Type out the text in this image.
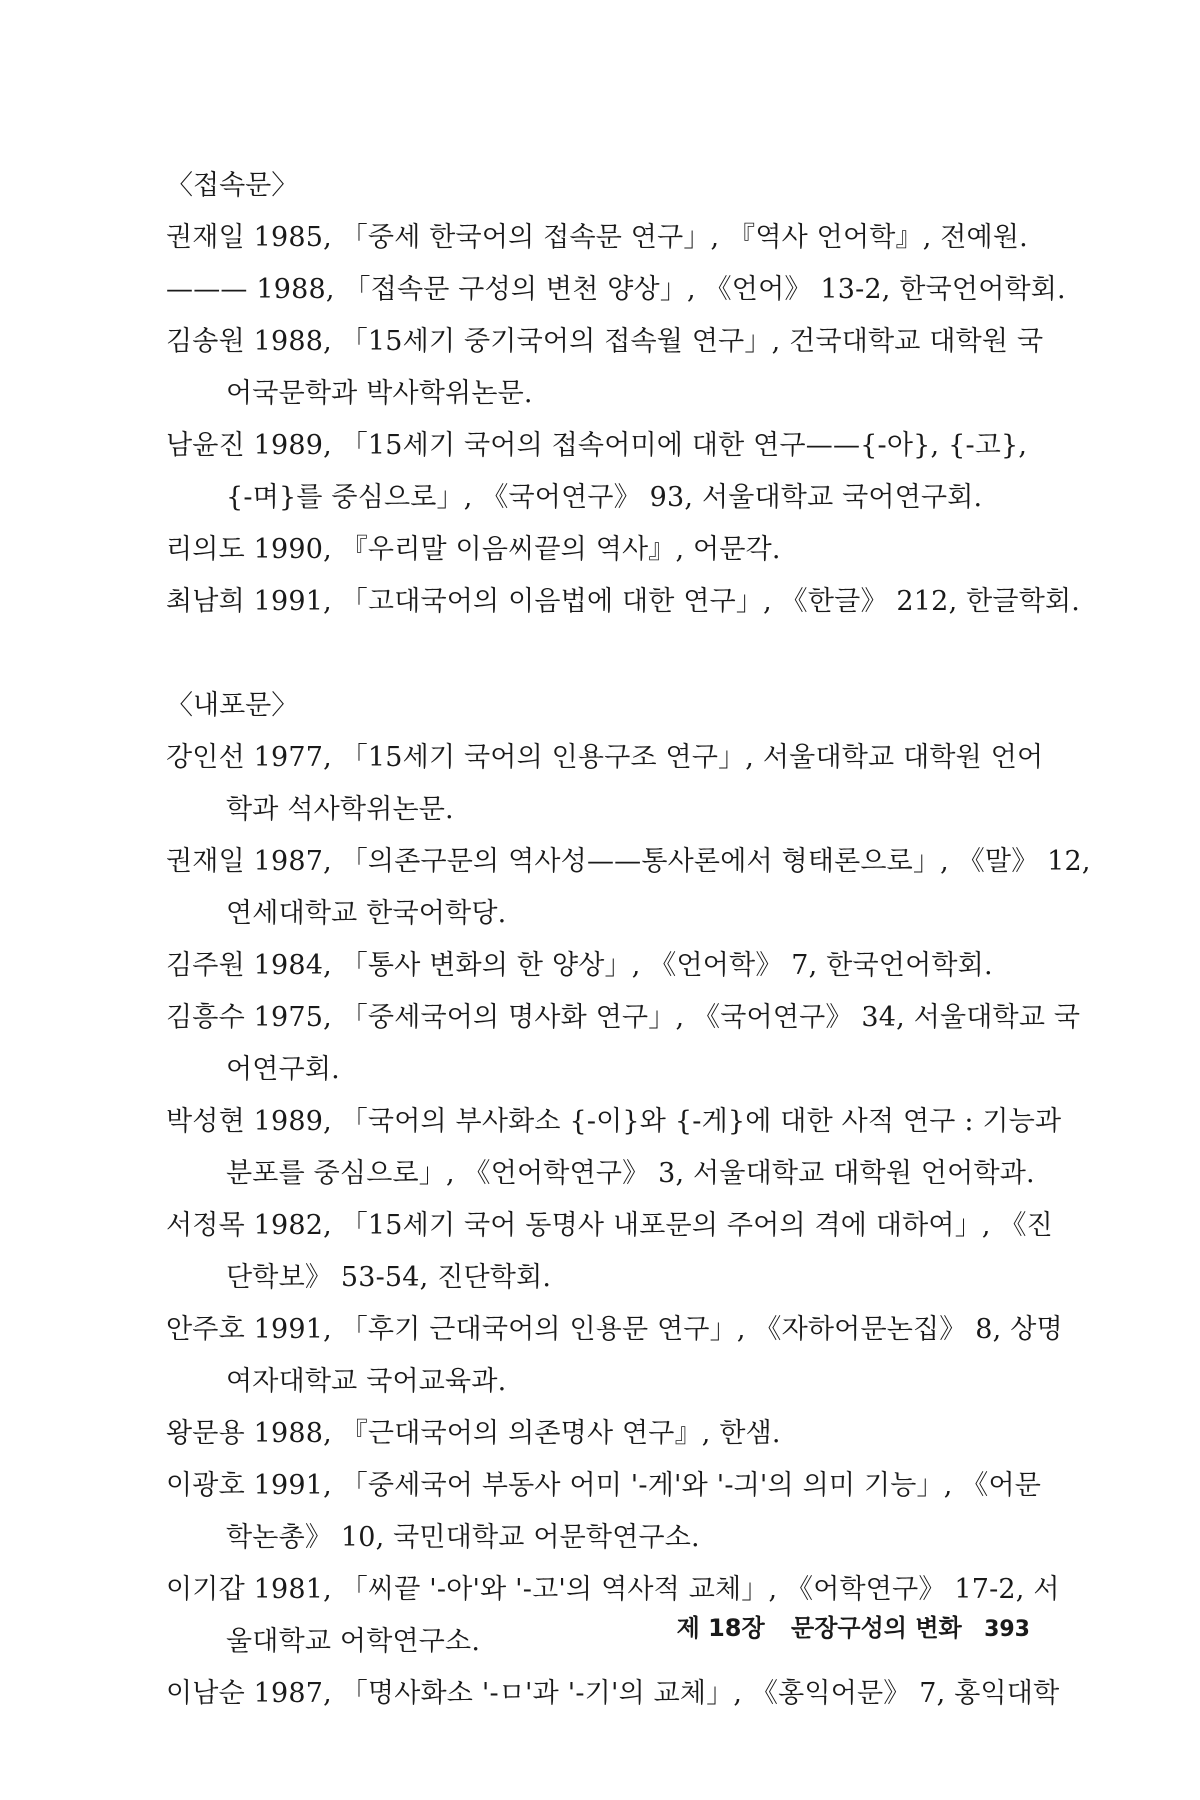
〈접속문〉
권재일 1985, 「중세 한국어의 접속문 연구」, 『역사 언어학』, 전예원.
——— 1988, 「접속문 구성의 변천 양상」, 《언어》 13-2, 한국언어학회.
김송원 1988, 「15세기 중기국어의 접속월 연구」, 건국대학교 대학원 국
어국문학과 박사학위논문.
남윤진 1989, 「15세기 국어의 접속어미에 대한 연구——{-아}, {-고},
{-며}를 중심으로」, 《국어연구》 93, 서울대학교 국어연구회.
리의도 1990, 『우리말 이음씨끝의 역사』, 어문각.
최남희 1991, 「고대국어의 이음법에 대한 연구」, 《한글》 212, 한글학회.
〈내포문〉
강인선 1977, 「15세기 국어의 인용구조 연구」, 서울대학교 대학원 언어
학과 석사학위논문.
권재일 1987, 「의존구문의 역사성——통사론에서 형태론으로」, 《말》 12,
연세대학교 한국어학당.
김주원 1984, 「통사 변화의 한 양상」, 《언어학》 7, 한국언어학회.
김흥수 1975, 「중세국어의 명사화 연구」, 《국어연구》 34, 서울대학교 국
어연구회.
박성현 1989, 「국어의 부사화소 {-이}와 {-게}에 대한 사적 연구 : 기능과
분포를 중심으로」, 《언어학연구》 3, 서울대학교 대학원 언어학과.
서정목 1982, 「15세기 국어 동명사 내포문의 주어의 격에 대하여」, 《진
단학보》 53-54, 진단학회.
안주호 1991, 「후기 근대국어의 인용문 연구」, 《자하어문논집》 8, 상명
여자대학교 국어교육과.
왕문용 1988, 『근대국어의 의존명사 연구』, 한샘.
이광호 1991, 「중세국어 부동사 어미 '-게'와 '-긔'의 의미 기능」, 《어문
학논총》 10, 국민대학교 어문학연구소.
이기갑 1981, 「씨끝 '-아'와 '-고'의 역사적 교체」, 《어학연구》 17-2, 서
울대학교 어학연구소.
이남순 1987, 「명사화소 '-ㅁ'과 '-기'의 교체」, 《홍익어문》 7, 홍익대학
제 18장 문장구성의 변화 393
